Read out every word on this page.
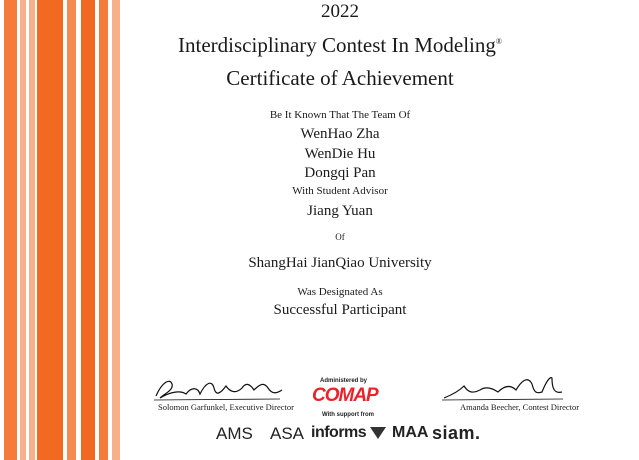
2022
Interdisciplinary Contest In Modeling®
Certificate of Achievement
Be It Known That The Team Of
WenHao Zha
WenDie Hu
Dongqi Pan
With Student Advisor
Jiang Yuan
Of
ShangHai JianQiao University
Was Designated As
Successful Participant
Solomon Garfunkel, Executive Director	Amanda Beecher, Contest Director
Administered by
COMAP
With support from
AMS ASA informs MAA siam.
